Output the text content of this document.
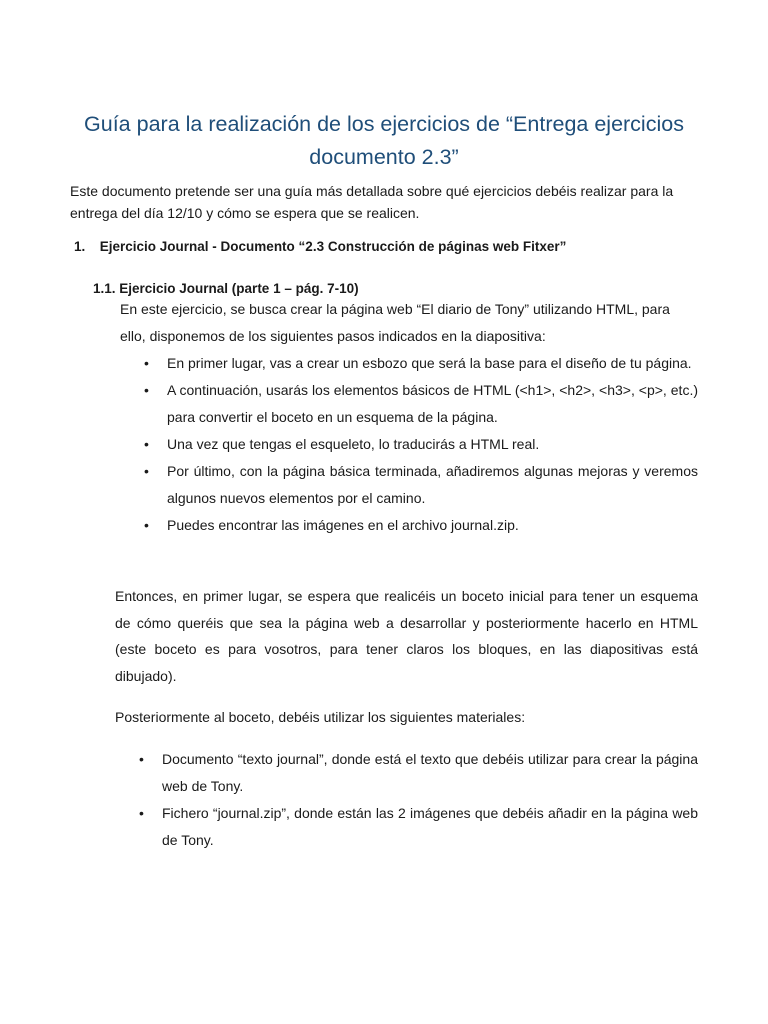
Guía para la realización de los ejercicios de “Entrega ejercicios documento 2.3”

Este documento pretende ser una guía más detallada sobre qué ejercicios debéis realizar para la entrega del día 12/10 y cómo se espera que se realicen.

1. Ejercicio Journal - Documento “2.3 Construcción de páginas web Fitxer”
1.1. Ejercicio Journal (parte 1 – pág. 7-10)

En este ejercicio, se busca crear la página web “El diario de Tony” utilizando HTML, para ello, disponemos de los siguientes pasos indicados en la diapositiva:

• En primer lugar, vas a crear un esbozo que será la base para el diseño de tu página.
• A continuación, usarás los elementos básicos de HTML (<h1>, <h2>, <h3>, <p>, etc.) para convertir el boceto en un esquema de la página.
• Una vez que tengas el esqueleto, lo traducirás a HTML real.
• Por último, con la página básica terminada, añadiremos algunas mejoras y veremos algunos nuevos elementos por el camino.
• Puedes encontrar las imágenes en el archivo journal.zip.

Entonces, en primer lugar, se espera que realicéis un boceto inicial para tener un esquema de cómo queréis que sea la página web a desarrollar y posteriormente hacerlo en HTML (este boceto es para vosotros, para tener claros los bloques, en las diapositivas está dibujado).

Posteriormente al boceto, debéis utilizar los siguientes materiales:

• Documento “texto journal”, donde está el texto que debéis utilizar para crear la página web de Tony.
• Fichero “journal.zip”, donde están las 2 imágenes que debéis añadir en la página web de Tony.
